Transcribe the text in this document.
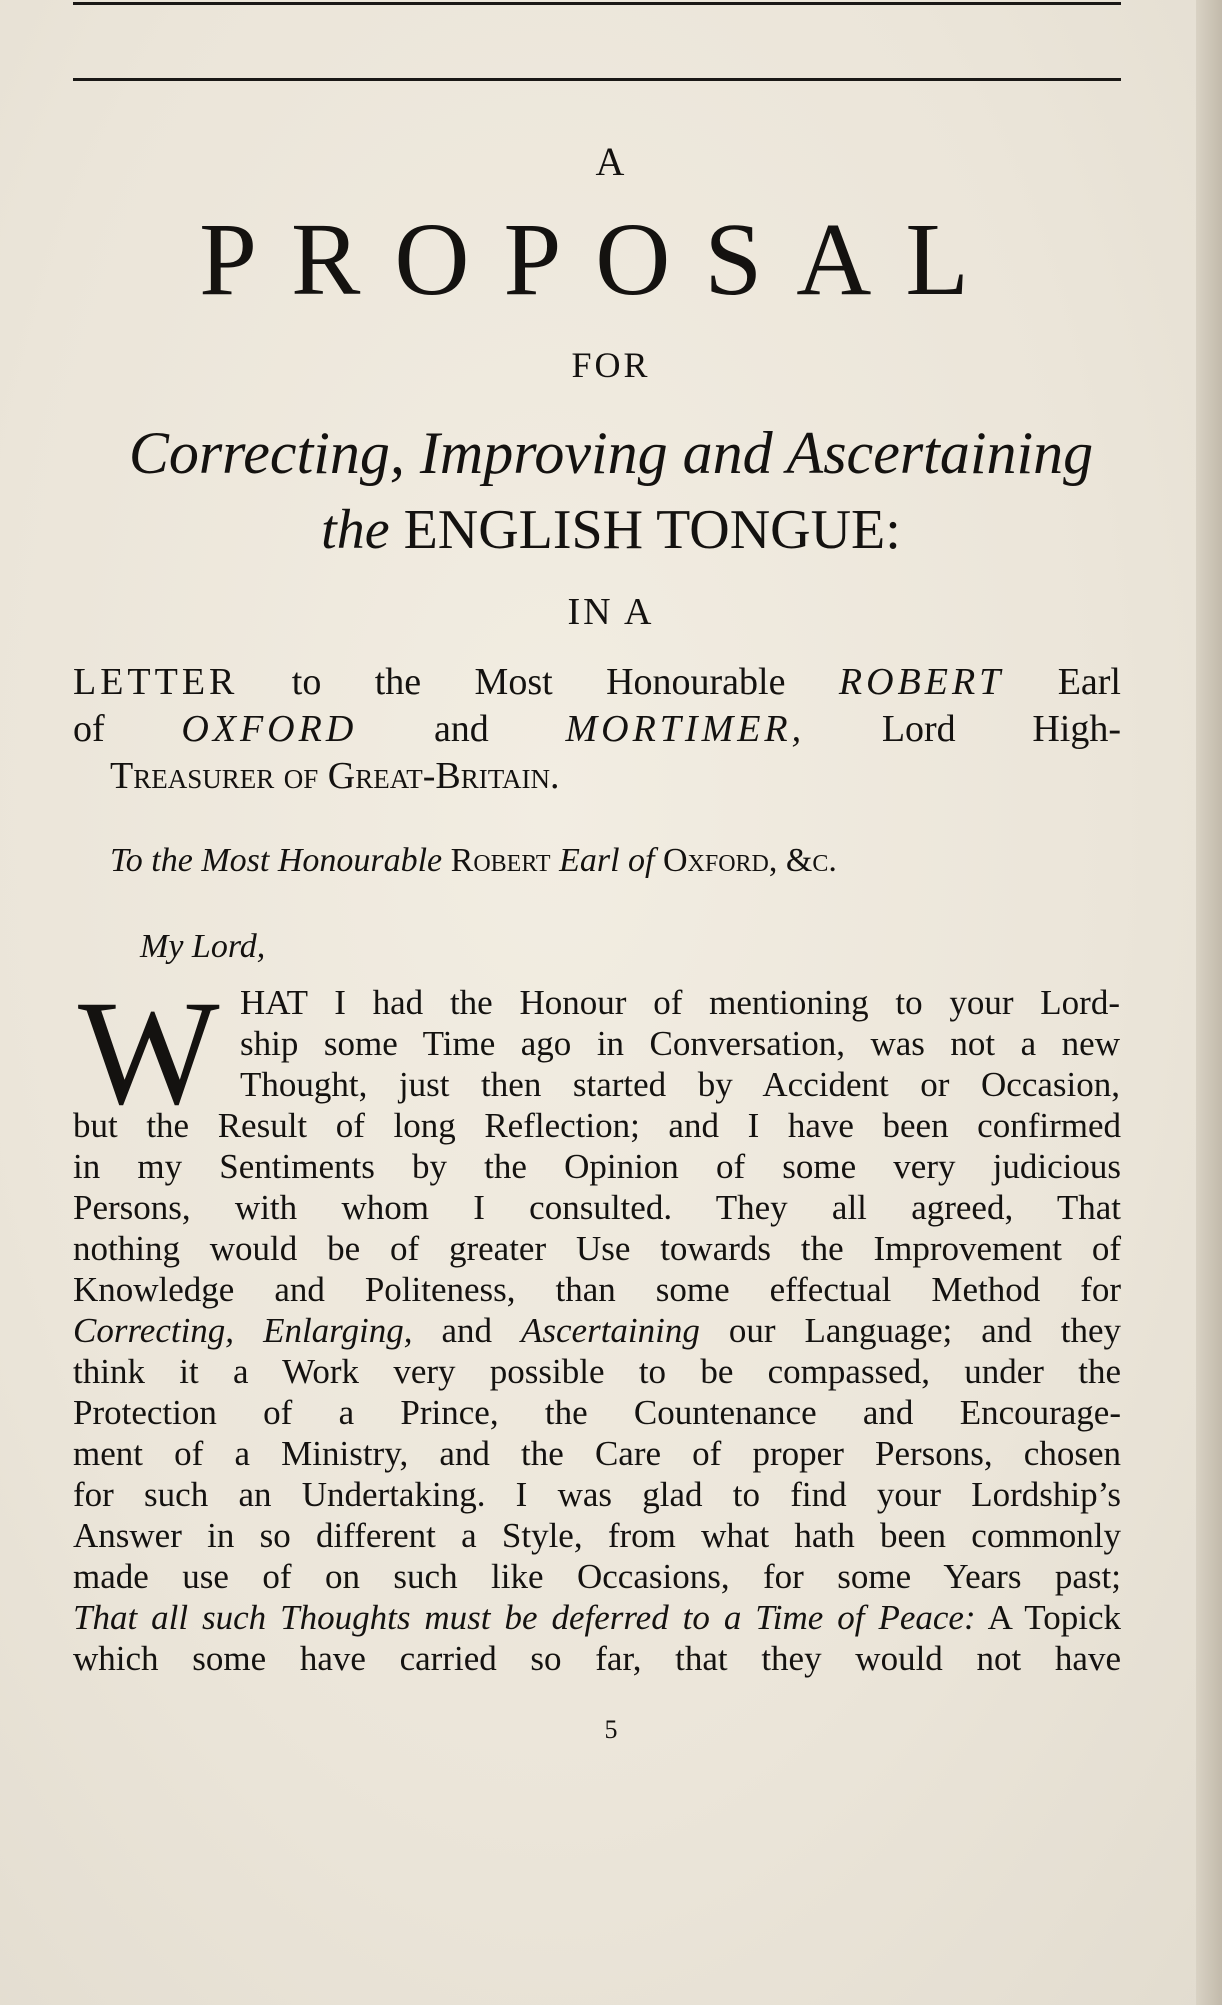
A
PROPOSAL
FOR
Correcting, Improving and Ascertaining
the ENGLISH TONGUE:
IN A
LETTER to the Most Honourable ROBERT Earl
of OXFORD and MORTIMER, Lord High-
Treasurer of Great-Britain.
To the Most Honourable Robert Earl of Oxford, &c.
My Lord,
W HAT I had the Honour of mentioning to your Lord-
ship some Time ago in Conversation, was not a new
Thought, just then started by Accident or Occasion,
but the Result of long Reflection; and I have been confirmed
in my Sentiments by the Opinion of some very judicious
Persons, with whom I consulted. They all agreed, That
nothing would be of greater Use towards the Improvement of
Knowledge and Politeness, than some effectual Method for
Correcting, Enlarging, and Ascertaining our Language; and they
think it a Work very possible to be compassed, under the
Protection of a Prince, the Countenance and Encourage-
ment of a Ministry, and the Care of proper Persons, chosen
for such an Undertaking. I was glad to find your Lordship’s
Answer in so different a Style, from what hath been commonly
made use of on such like Occasions, for some Years past;
That all such Thoughts must be deferred to a Time of Peace: A Topick
which some have carried so far, that they would not have
5
